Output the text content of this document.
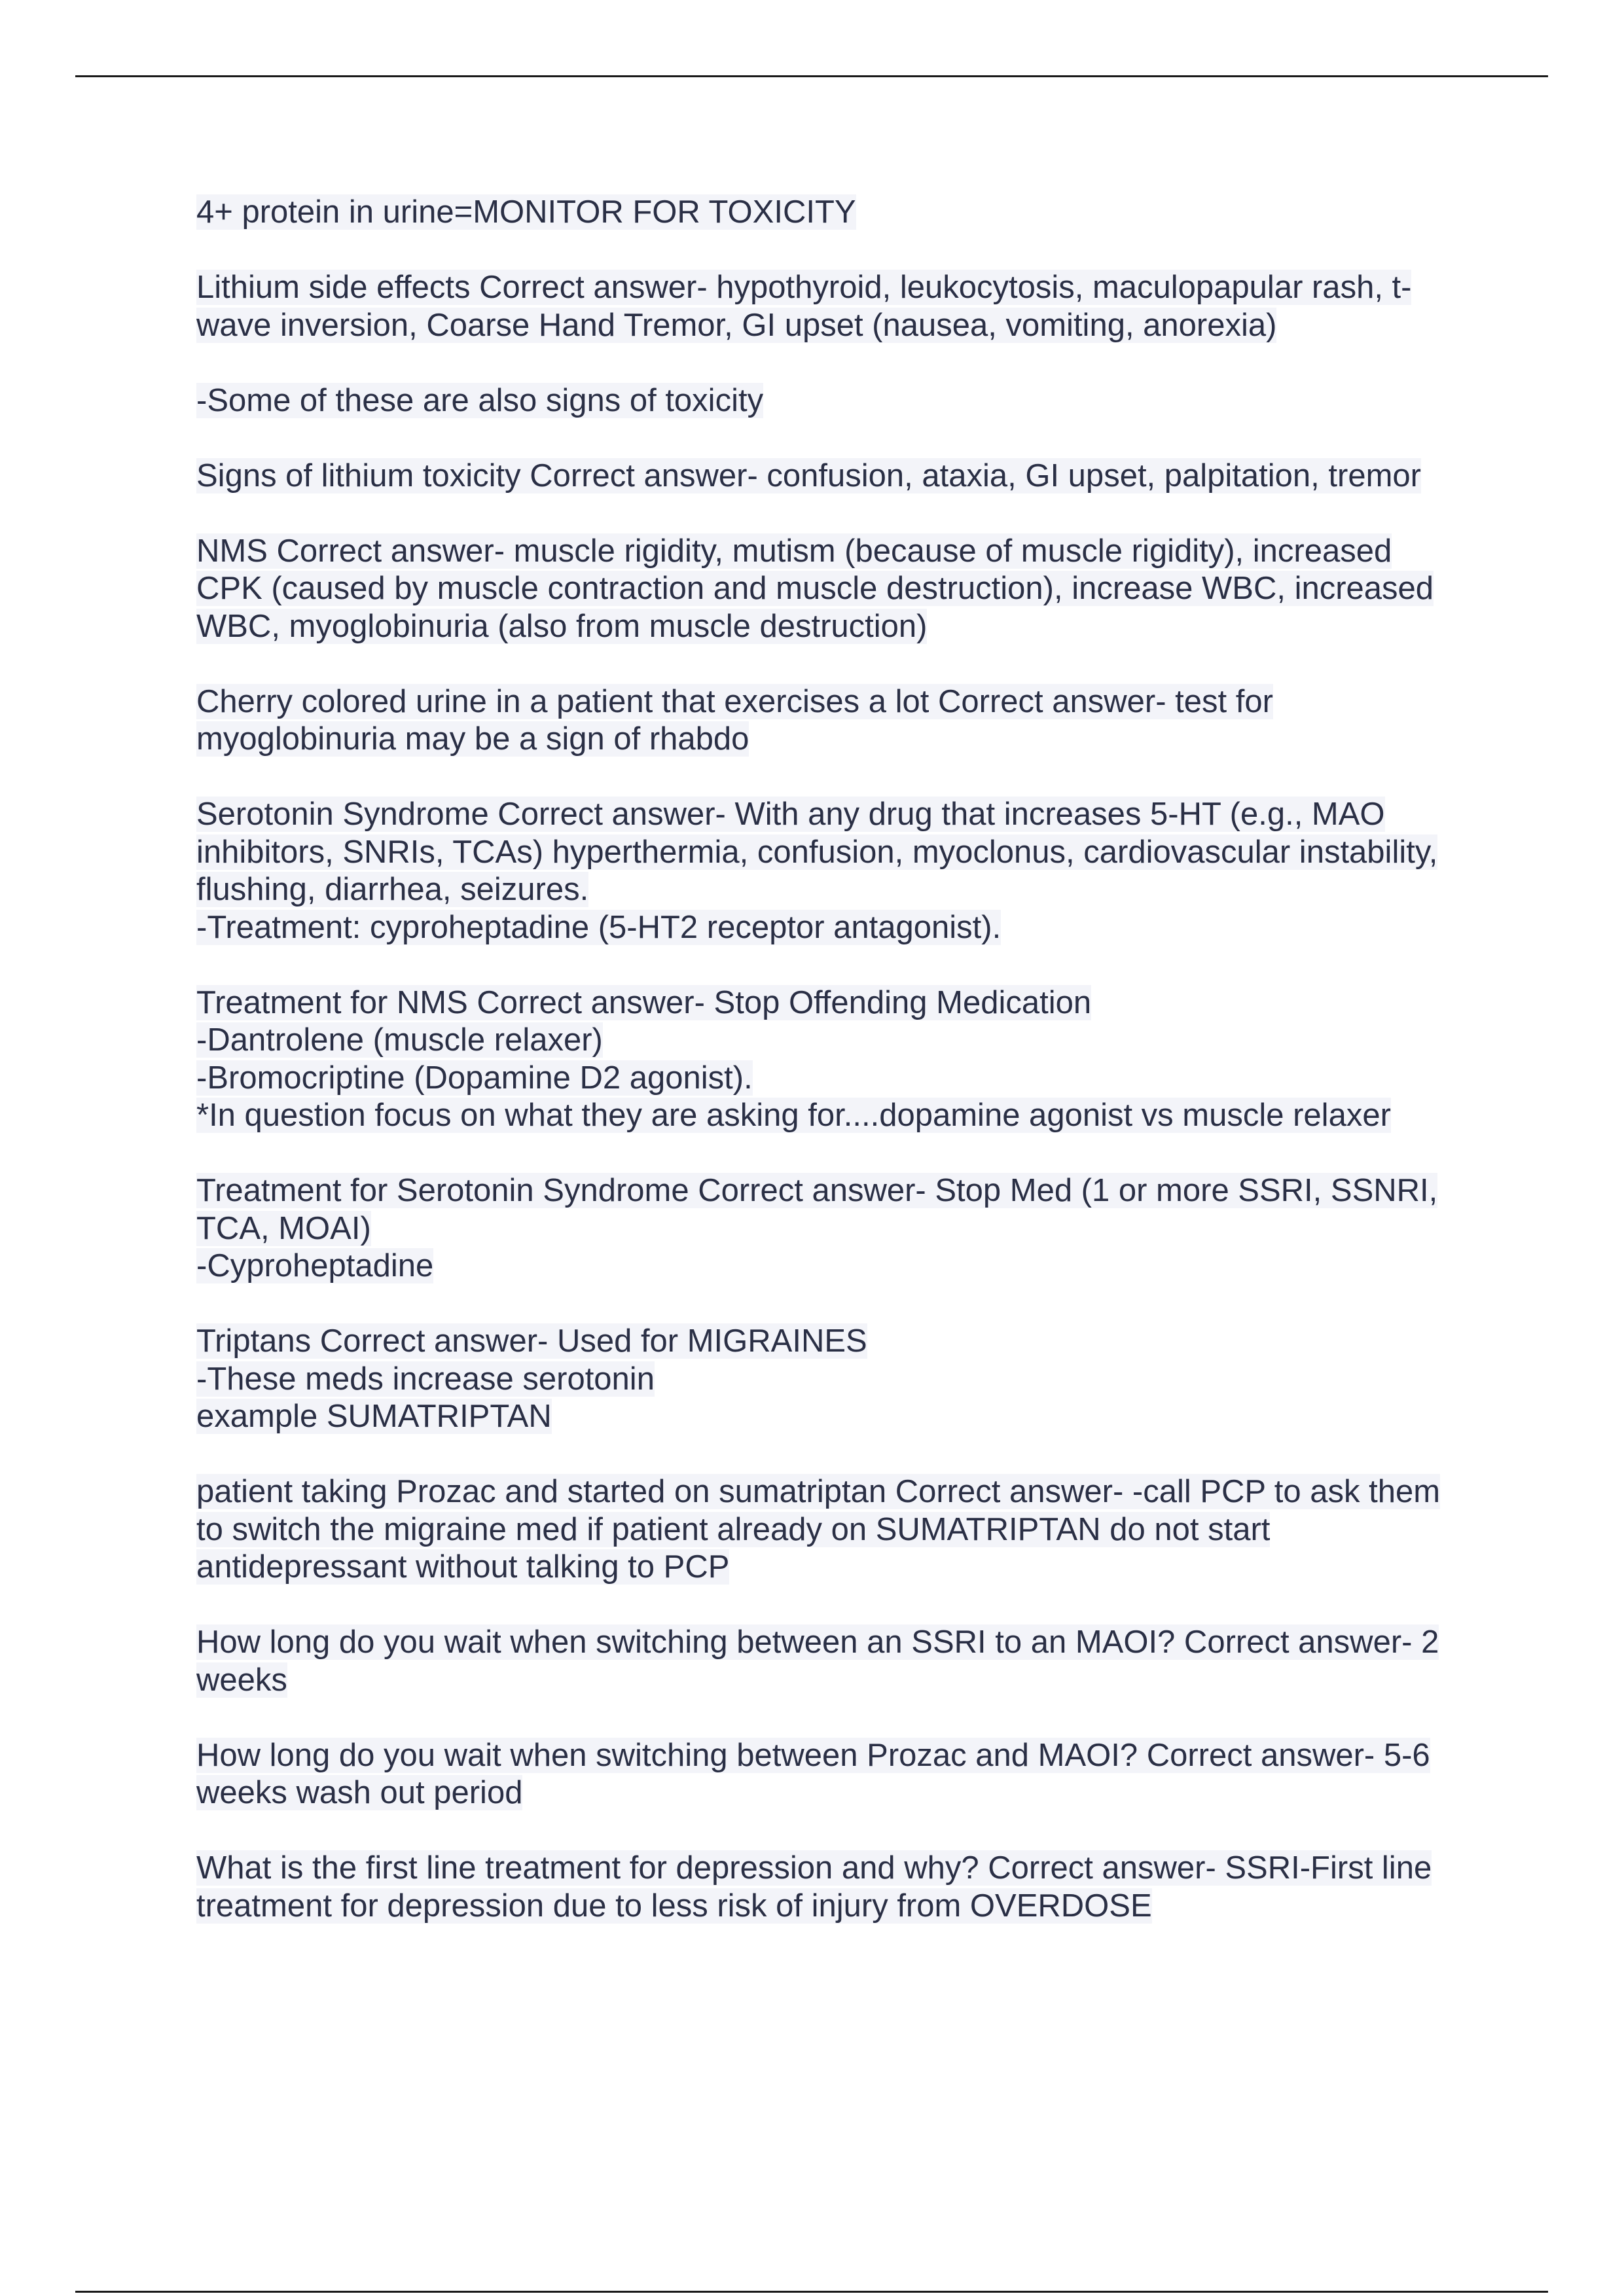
4+ protein in urine=MONITOR FOR TOXICITY
Lithium side effects Correct answer- hypothyroid, leukocytosis, maculopapular rash, t-
wave inversion, Coarse Hand Tremor, GI upset (nausea, vomiting, anorexia)
-Some of these are also signs of toxicity
Signs of lithium toxicity Correct answer- confusion, ataxia, GI upset, palpitation, tremor
NMS Correct answer- muscle rigidity, mutism (because of muscle rigidity), increased
CPK (caused by muscle contraction and muscle destruction), increase WBC, increased
WBC, myoglobinuria (also from muscle destruction)
Cherry colored urine in a patient that exercises a lot Correct answer- test for
myoglobinuria may be a sign of rhabdo
Serotonin Syndrome Correct answer- With any drug that increases 5-HT (e.g., MAO
inhibitors, SNRIs, TCAs) hyperthermia, confusion, myoclonus, cardiovascular instability,
flushing, diarrhea, seizures.
-Treatment: cyproheptadine (5-HT2 receptor antagonist).
Treatment for NMS Correct answer- Stop Offending Medication
-Dantrolene (muscle relaxer)
-Bromocriptine (Dopamine D2 agonist).
*In question focus on what they are asking for....dopamine agonist vs muscle relaxer
Treatment for Serotonin Syndrome Correct answer- Stop Med (1 or more SSRI, SSNRI,
TCA, MOAI)
-Cyproheptadine
Triptans Correct answer- Used for MIGRAINES
-These meds increase serotonin
example SUMATRIPTAN
patient taking Prozac and started on sumatriptan Correct answer- -call PCP to ask them
to switch the migraine med if patient already on SUMATRIPTAN do not start
antidepressant without talking to PCP
How long do you wait when switching between an SSRI to an MAOI? Correct answer- 2
weeks
How long do you wait when switching between Prozac and MAOI? Correct answer- 5-6
weeks wash out period
What is the first line treatment for depression and why? Correct answer- SSRI-First line
treatment for depression due to less risk of injury from OVERDOSE
